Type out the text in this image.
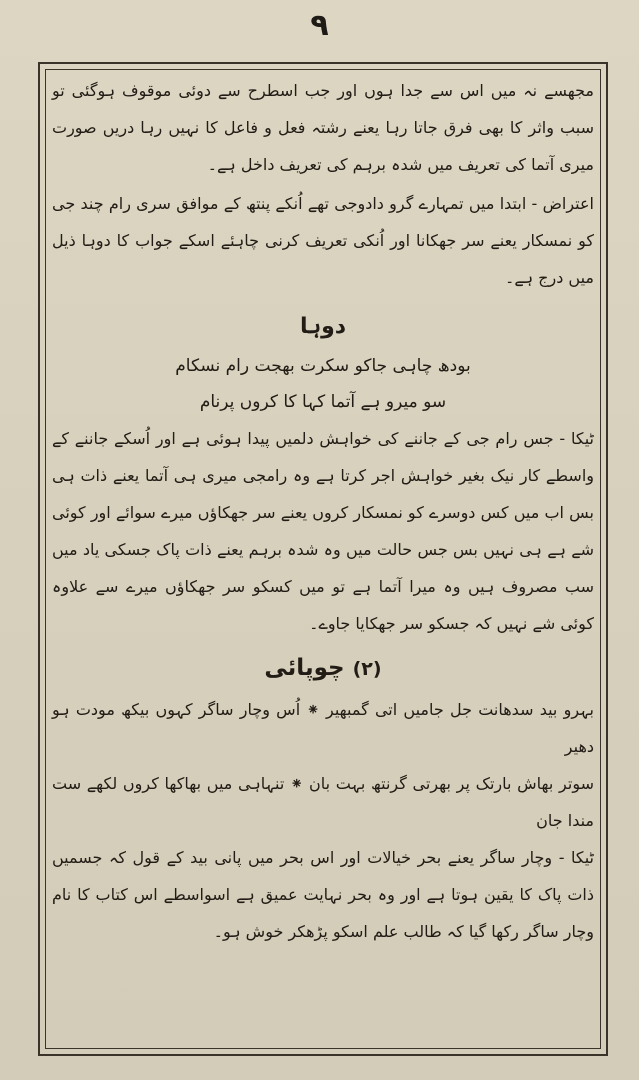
۹

مجھسے نہ میں اس سے جدا ہوں اور جب اسطرح سے دوئی موقوف ہوگئی تو سبب واثر کا بھی فرق جاتا رہا یعنے رشتہ فعل و فاعل کا نہیں رہا دریں صورت میری آتما کی تعریف میں شدہ برہم کی تعریف داخل ہے۔

اعتراض - ابتدا میں تمہارے گرو دادوجی تھے اُنکے پنتھ کے موافق سری رام چند جی کو نمسکار یعنے سر جھکانا اور اُنکی تعریف کرنی چاہئے اسکے جواب کا دوہا ذیل میں درج ہے۔

دوہا

بودھ چاہی جاکو سکرت بھجت رام نسکام

سو میرو ہے آتما کہا کا کروں پرنام

ٹیکا - جس رام جی کے جاننے کی خواہش دلمیں پیدا ہوئی ہے اور اُسکے جاننے کے واسطے کار نیک بغیر خواہش اجر کرتا ہے وہ رامجی میری ہی آتما یعنے ذات ہی بس اب میں کس دوسرے کو نمسکار کروں یعنے سر جھکاؤں میرے سوائے اور کوئی شے ہے ہی نہیں بس جس حالت میں وہ شدہ برہم یعنے ذات پاک جسکی یاد میں سب مصروف ہیں وہ میرا آتما ہے تو میں کسکو سر جھکاؤں میرے سے علاوہ کوئی شے نہیں کہ جسکو سر جھکایا جاوے۔

(۲) چوپائی

بہرو بید سدھانت جل جامیں اتی گمبھیر ⁕ اُس وچار ساگر کہوں بیکھ مودت ہو دھیر

سوتر بھاش بارتک پر بھرتی گرنتھ بہت بان ⁕ تنہاہی میں بھاکھا کروں لکھے ست مندا جان

ٹیکا - وچار ساگر یعنے بحر خیالات اور اس بحر میں پانی بید کے قول کہ جسمیں ذات پاک کا یقین ہوتا ہے اور وہ بحر نہایت عمیق ہے اسواسطے اس کتاب کا نام وچار ساگر رکھا گیا کہ طالب علم اسکو پڑھکر خوش ہو۔
